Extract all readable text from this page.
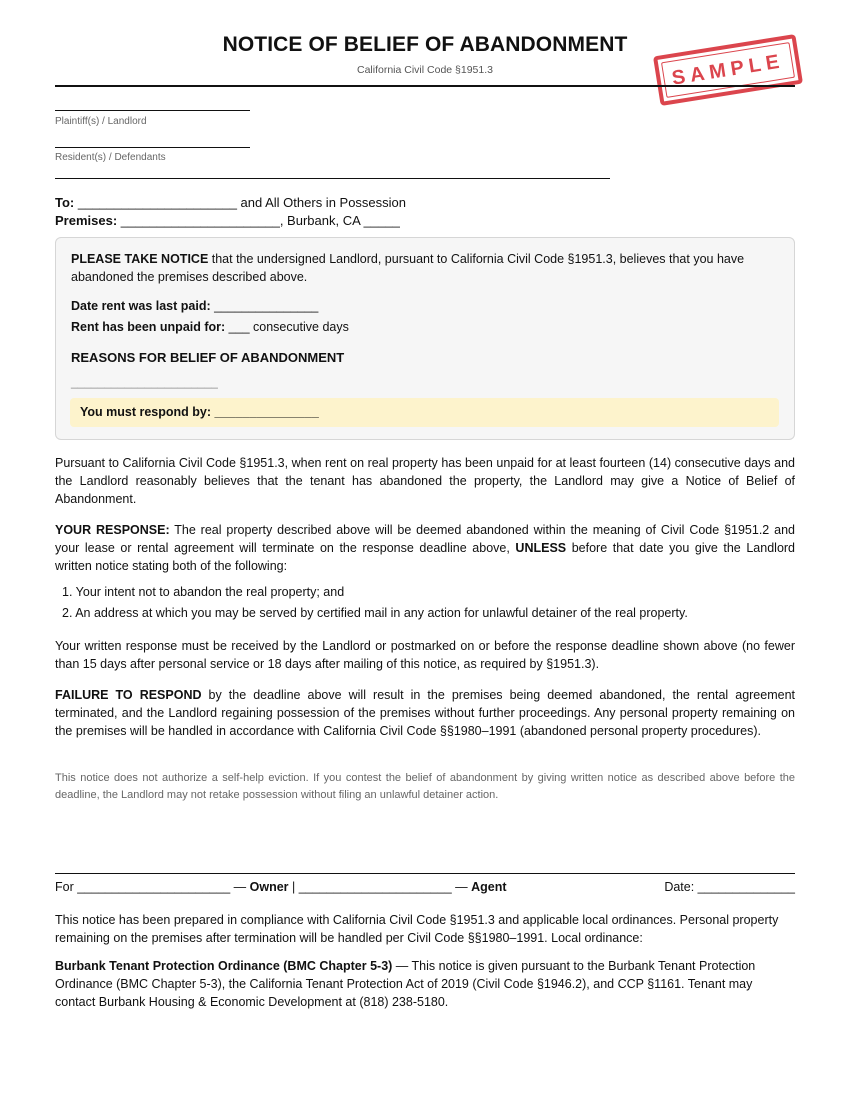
NOTICE OF BELIEF OF ABANDONMENT
California Civil Code §1951.3	SAMPLE
Plaintiff(s) / Landlord
Resident(s) / Defendants
To: ______________________ and All Others in Possession
Premises: ______________________, Burbank, CA _____
PLEASE TAKE NOTICE that the undersigned Landlord, pursuant to California Civil Code §1951.3, believes that you have abandoned the premises described above.
Date rent was last paid: _______________
Rent has been unpaid for: ___ consecutive days
REASONS FOR BELIEF OF ABANDONMENT
______________________
You must respond by: _______________
Pursuant to California Civil Code §1951.3, when rent on real property has been unpaid for at least fourteen (14) consecutive days and the Landlord reasonably believes that the tenant has abandoned the property, the Landlord may give a Notice of Belief of Abandonment.
YOUR RESPONSE: The real property described above will be deemed abandoned within the meaning of Civil Code §1951.2 and your lease or rental agreement will terminate on the response deadline above, UNLESS before that date you give the Landlord written notice stating both of the following:
1. Your intent not to abandon the real property; and
2. An address at which you may be served by certified mail in any action for unlawful detainer of the real property.
Your written response must be received by the Landlord or postmarked on or before the response deadline shown above (no fewer than 15 days after personal service or 18 days after mailing of this notice, as required by §1951.3).
FAILURE TO RESPOND by the deadline above will result in the premises being deemed abandoned, the rental agreement terminated, and the Landlord regaining possession of the premises without further proceedings. Any personal property remaining on the premises will be handled in accordance with California Civil Code §§1980–1991 (abandoned personal property procedures).
This notice does not authorize a self-help eviction. If you contest the belief of abandonment by giving written notice as described above before the deadline, the Landlord may not retake possession without filing an unlawful detainer action.
For ______________________ — Owner | ______________________ — Agent	Date: ______________
This notice has been prepared in compliance with California Civil Code §1951.3 and applicable local ordinances. Personal property remaining on the premises after termination will be handled per Civil Code §§1980–1991. Local ordinance:
Burbank Tenant Protection Ordinance (BMC Chapter 5-3) — This notice is given pursuant to the Burbank Tenant Protection Ordinance (BMC Chapter 5-3), the California Tenant Protection Act of 2019 (Civil Code §1946.2), and CCP §1161. Tenant may contact Burbank Housing & Economic Development at (818) 238-5180.
